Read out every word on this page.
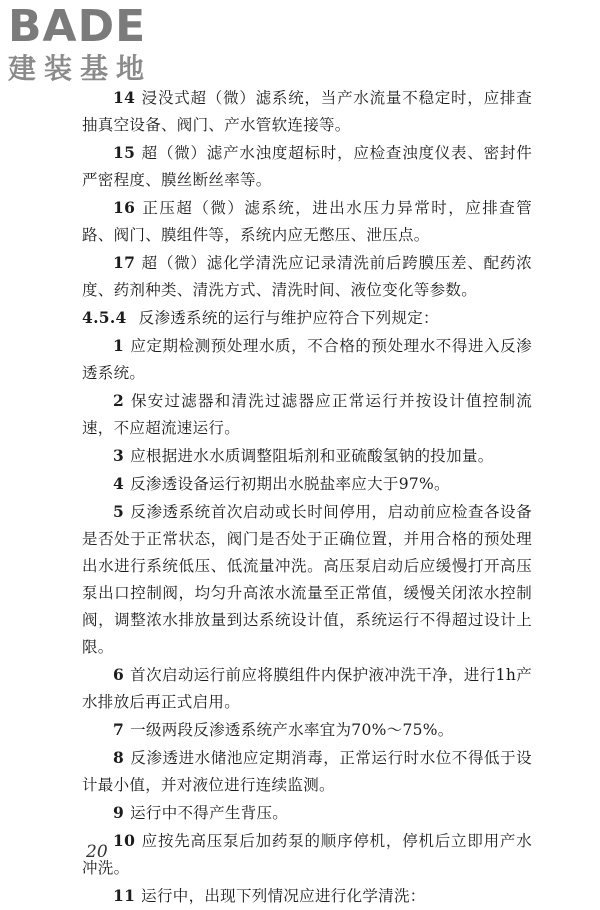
BADE
建装基地

14 浸没式超（微）滤系统，当产水流量不稳定时，应排查抽真空设备、阀门、产水管软连接等。

15 超（微）滤产水浊度超标时，应检查浊度仪表、密封件严密程度、膜丝断丝率等。

16 正压超（微）滤系统，进出水压力异常时，应排查管路、阀门、膜组件等，系统内应无憋压、泄压点。

17 超（微）滤化学清洗应记录清洗前后跨膜压差、配药浓度、药剂种类、清洗方式、清洗时间、液位变化等参数。

4.5.4 反渗透系统的运行与维护应符合下列规定：

1 应定期检测预处理水质，不合格的预处理水不得进入反渗透系统。

2 保安过滤器和清洗过滤器应正常运行并按设计值控制流速，不应超流速运行。

3 应根据进水水质调整阻垢剂和亚硫酸氢钠的投加量。

4 反渗透设备运行初期出水脱盐率应大于97%。

5 反渗透系统首次启动或长时间停用，启动前应检查各设备是否处于正常状态，阀门是否处于正确位置，并用合格的预处理出水进行系统低压、低流量冲洗。高压泵启动后应缓慢打开高压泵出口控制阀，均匀升高浓水流量至正常值，缓慢关闭浓水控制阀，调整浓水排放量到达系统设计值，系统运行不得超过设计上限。

6 首次启动运行前应将膜组件内保护液冲洗干净，进行1h产水排放后再正式启用。

7 一级两段反渗透系统产水率宜为70%～75%。

8 反渗透进水储池应定期消毒，正常运行时水位不得低于设计最小值，并对液位进行连续监测。

9 运行中不得产生背压。

10 应按先高压泵后加药泵的顺序停机，停机后立即用产水冲洗。

11 运行中，出现下列情况应进行化学清洗：

20
